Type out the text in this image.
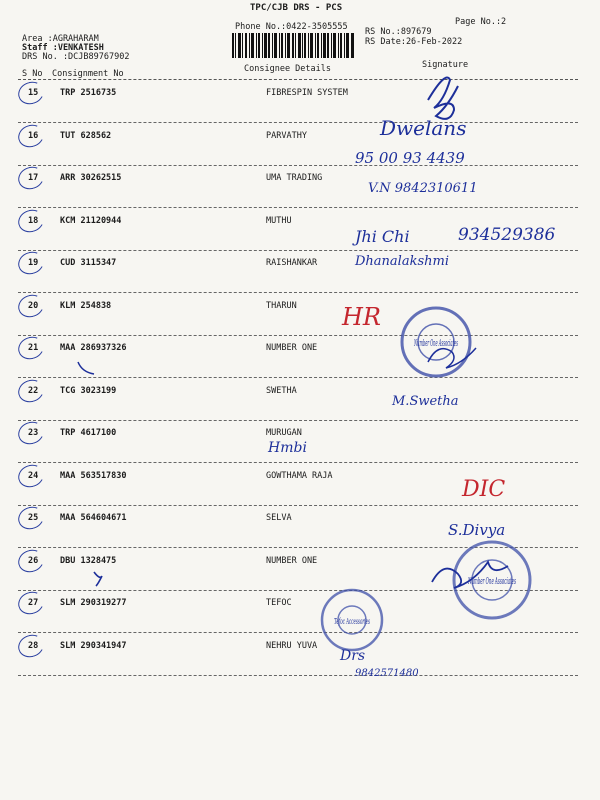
TPC/CJB DRS - PCS
Phone No.:0422-3505555	Page No.:2
RS No.:897679
RS Date:26-Feb-2022
Area :AGRAHARAM
Staff :VENKATESH
DRS No. :DCJB89767902
Signature
Consignee Details
S No Consignment No
15	TRP 2516735	FIBRESPIN SYSTEM
16	TUT 628562	PARVATHY
17	ARR 30262515	UMA TRADING
18	KCM 21120944	MUTHU
19	CUD 3115347	RAISHANKAR
20	KLM 254838	THARUN
21	MAA 286937326	NUMBER ONE
22	TCG 3023199	SWETHA
23	TRP 4617100	MURUGAN
24	MAA 563517830	GOWTHAMA RAJA
25	MAA 564604671	SELVA
26	DBU 1328475	NUMBER ONE
27	SLM 290319277	TEFOC
28	SLM 290341947	NEHRU YUVA
Dwelans
95 00 93 4439
V.N 9842310611
Jhi Chi	934529386
Dhanalakshmi
HR
Number One Associates
M.Swetha
Hmbi
DIC
S.Divya
Number One Associates
Tefoc Accessories
Drs
9842571480
